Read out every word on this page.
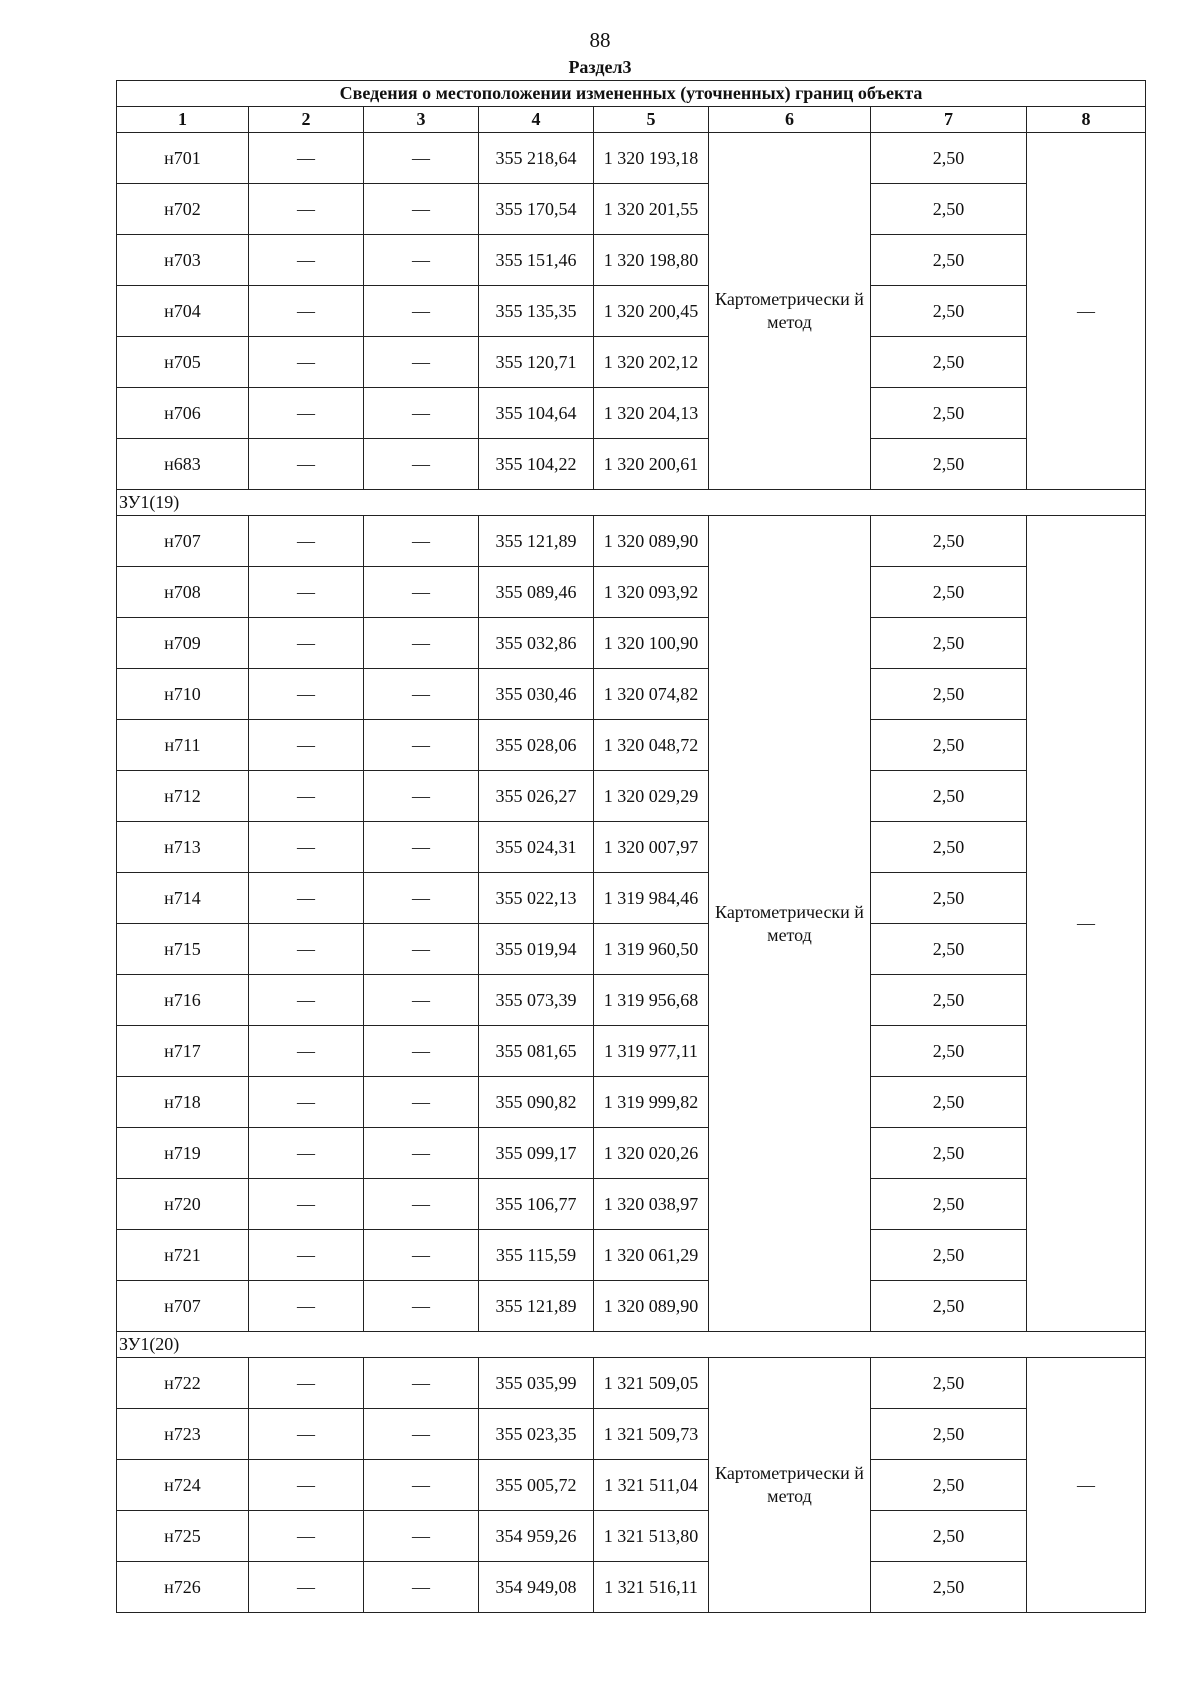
88
Раздел3
Сведения о местоположении измененных (уточненных) границ объекта							
1	2	3	4	5	6	7	8
н701	—	—	355 218,64	1 320 193,18	Картометрически й метод	2,50	—
н702	—	—	355 170,54	1 320 201,55		2,50	
н703	—	—	355 151,46	1 320 198,80		2,50	
н704	—	—	355 135,35	1 320 200,45		2,50	
н705	—	—	355 120,71	1 320 202,12		2,50	
н706	—	—	355 104,64	1 320 204,13		2,50	
н683	—	—	355 104,22	1 320 200,61		2,50	
ЗУ1(19)							
н707	—	—	355 121,89	1 320 089,90	Картометрически й метод	2,50	—
н708	—	—	355 089,46	1 320 093,92		2,50	
н709	—	—	355 032,86	1 320 100,90		2,50	
н710	—	—	355 030,46	1 320 074,82		2,50	
н711	—	—	355 028,06	1 320 048,72		2,50	
н712	—	—	355 026,27	1 320 029,29		2,50	
н713	—	—	355 024,31	1 320 007,97		2,50	
н714	—	—	355 022,13	1 319 984,46		2,50	
н715	—	—	355 019,94	1 319 960,50		2,50	
н716	—	—	355 073,39	1 319 956,68		2,50	
н717	—	—	355 081,65	1 319 977,11		2,50	
н718	—	—	355 090,82	1 319 999,82		2,50	
н719	—	—	355 099,17	1 320 020,26		2,50	
н720	—	—	355 106,77	1 320 038,97		2,50	
н721	—	—	355 115,59	1 320 061,29		2,50	
н707	—	—	355 121,89	1 320 089,90		2,50	
ЗУ1(20)							
н722	—	—	355 035,99	1 321 509,05	Картометрически й метод	2,50	—
н723	—	—	355 023,35	1 321 509,73		2,50	
н724	—	—	355 005,72	1 321 511,04		2,50	
н725	—	—	354 959,26	1 321 513,80		2,50	
н726	—	—	354 949,08	1 321 516,11		2,50	
